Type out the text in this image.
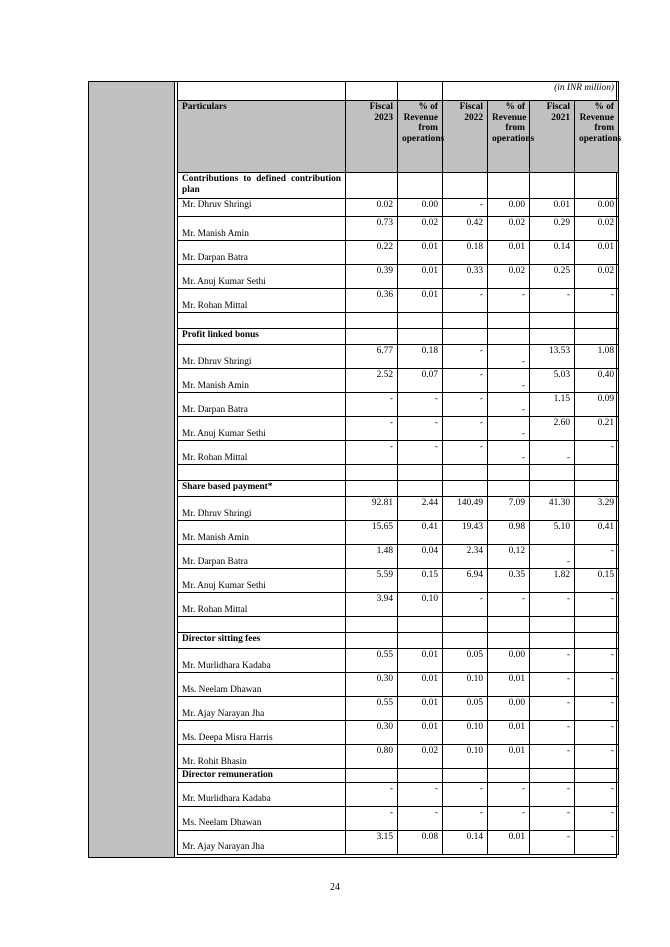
			(in INR million)			
Particulars	Fiscal 2023	% of Revenue from operations	Fiscal 2022	% of Revenue from operations	Fiscal 2021	% of Revenue from operations
Contributions to defined contribution plan						
Mr. Dhruv Shringi	0.02	0.00	-	0.00	0.01	0.00
Mr. Manish Amin	0.73	0.02	0.42	0.02	0.29	0.02
Mr. Darpan Batra	0.22	0.01	0.18	0.01	0.14	0.01
Mr. Anuj Kumar Sethi	0.39	0.01	0.33	0.02	0.25	0.02
Mr. Rohan Mittal	0.36	0.01	-	-	-	-

Profit linked bonus						
Mr. Dhruv Shringi	6.77	0.18	-	-	13.53	1.08
Mr. Manish Amin	2.52	0.07	-	-	5.03	0.40
Mr. Darpan Batra	-	-	-	-	1.15	0.09
Mr. Anuj Kumar Sethi	-	-	-	-	2.60	0.21
Mr. Rohan Mittal	-	-	-	-	-	-

Share based payment*						
Mr. Dhruv Shringi	92.81	2.44	140.49	7.09	41.30	3.29
Mr. Manish Amin	15.65	0.41	19.43	0.98	5.10	0.41
Mr. Darpan Batra	1.48	0.04	2.34	0.12	-	-
Mr. Anuj Kumar Sethi	5.59	0.15	6.94	0.35	1.82	0.15
Mr. Rohan Mittal	3.94	0.10	-	-	-	-

Director sitting fees						
Mr. Murlidhara Kadaba	0.55	0.01	0.05	0.00	-	-
Ms. Neelam Dhawan	0.30	0.01	0.10	0.01	-	-
Mr. Ajay Narayan Jha	0.55	0.01	0.05	0.00	-	-
Ms. Deepa Misra Harris	0.30	0.01	0.10	0.01	-	-
Mr. Rohit Bhasin	0.80	0.02	0.10	0.01	-	-
Director remuneration						
Mr. Murlidhara Kadaba	-	-	-	-	-	-
Ms. Neelam Dhawan	-	-	-	-	-	-
Mr. Ajay Narayan Jha	3.15	0.08	0.14	0.01	-	-
24
